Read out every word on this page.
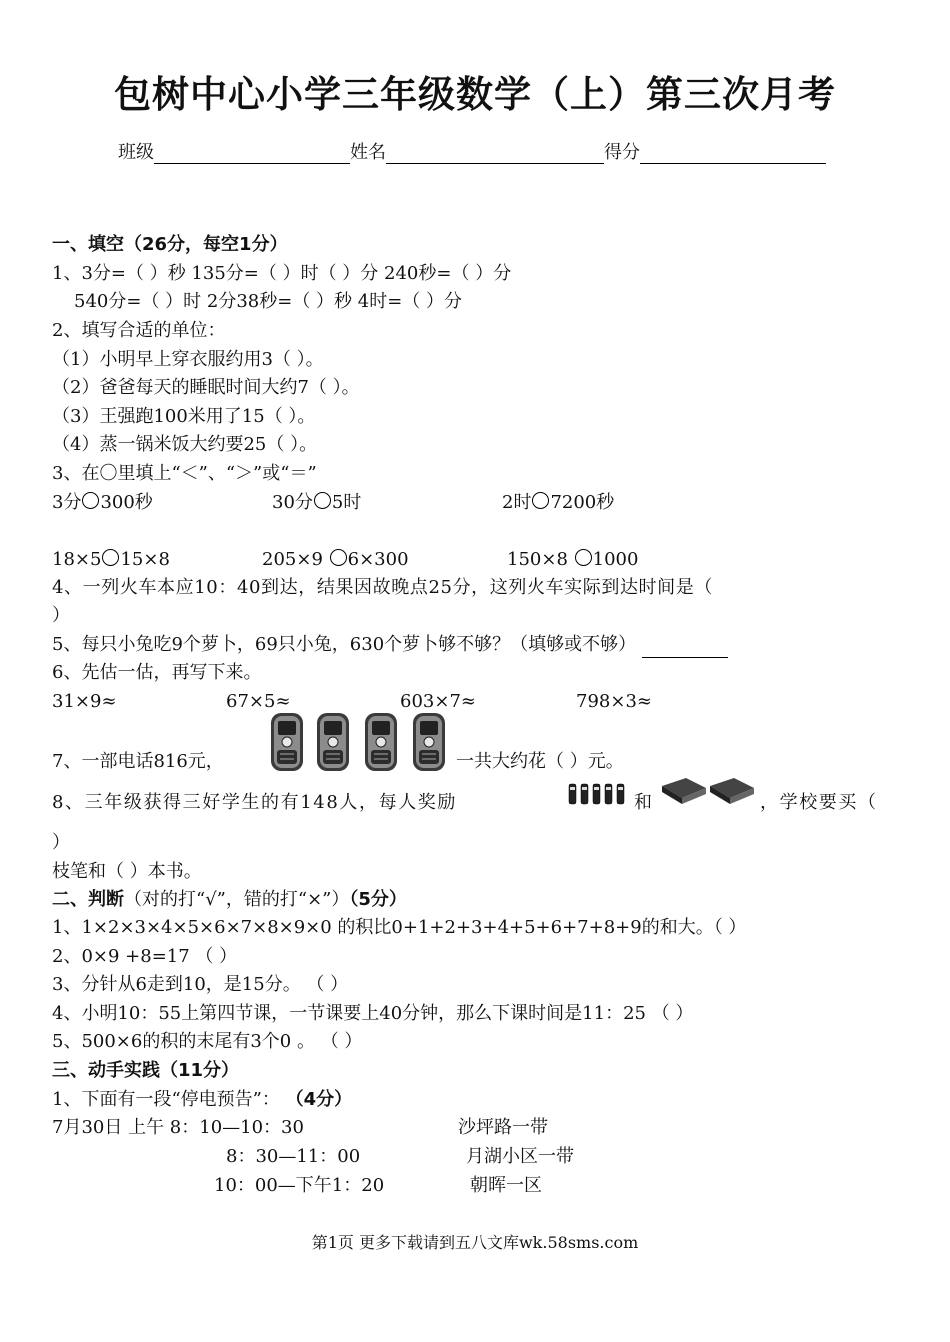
包树中心小学三年级数学（上）第三次月考
班级	姓名	得分
一、填空（26分，每空1分）
1、3分=（ ）秒 135分=（ ）时（ ）分 240秒=（ ）分
540分=（ ）时 2分38秒=（ ）秒 4时=（ ）分
2、填写合适的单位：
（1）小明早上穿衣服约用3（ ）。
（2）爸爸每天的睡眠时间大约7（ ）。
（3）王强跑100米用了15（ ）。
（4）蒸一锅米饭大约要25（ ）。
3、在〇里填上“＜”、“＞”或“＝”
3分 300秒	30分 5时	2时 7200秒
18×5 15×8	205×9 6×300	150×8 1000
4、一列火车本应10：40到达，结果因故晚点25分，这列火车实际到达时间是（
）
5、每只小兔吃9个萝卜，69只小兔，630个萝卜够不够？（填够或不够）
6、先估一估，再写下来。
31×9≈	67×5≈	603×7≈	798×3≈
7、一部电话816元，	一共大约花（ ）元。
8、三年级获得三好学生的有148人，每人奖励	和	，学校要买（
）
枝笔和（ ）本书。
二、判断（对的打“√”，错的打“×”）（5分）
1、1×2×3×4×5×6×7×8×9×0 的积比0+1+2+3+4+5+6+7+8+9的和大。（ ）
2、0×9 +8=17 （ ）
3、分针从6走到10，是15分。 （ ）
4、小明10：55上第四节课，一节课要上40分钟，那么下课时间是11：25 （ ）
5、500×6的积的末尾有3个0 。 （ ）
三、动手实践（11分）
1、下面有一段“停电预告”： （4分）
7月30日 上午 8：10—10：30	沙坪路一带
8：30—11：00	月湖小区一带
10：00—下午1：20	朝晖一区
第1页 更多下载请到五八文库wk.58sms.com
